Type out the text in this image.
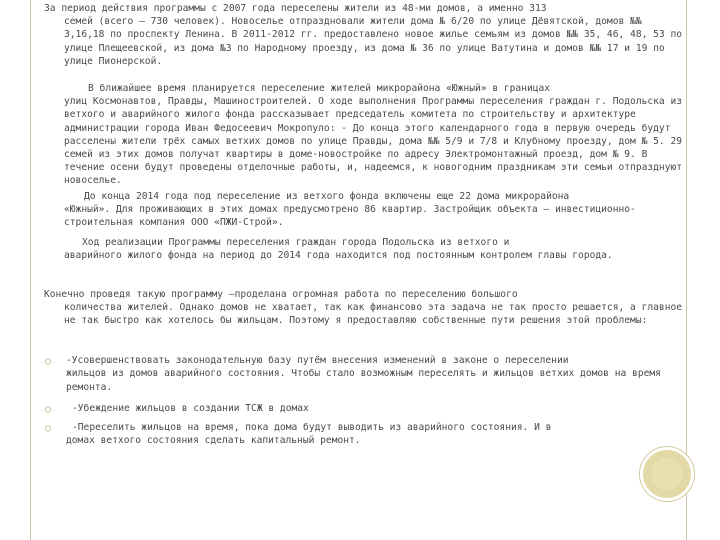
За период действия программы с 2007 года переселены жители из 48-ми домов, а именно 313
семей (всего – 730 человек). Новоселье отпраздновали жители дома № 6/20 по улице Дёвятской, домов №№ 3,16,18 по проспекту Ленина. В 2011-2012 гг. предоставлено новое жилье семьям из домов №№ 35, 46, 48, 53 по улице Плещеевской, из дома №3 по Народному проезду, из дома № 36 по улице Ватутина и домов №№ 17 и 19 по улице Пионерской.

В ближайшее время планируется переселение жителей микрорайона «Южный» в границах
улиц Космонавтов, Правды, Машиностроителей. О ходе выполнения Программы переселения граждан г. Подольска из ветхого и аварийного жилого фонда рассказывает председатель комитета по строительству и архитектуре администрации города Иван Федосеевич Мокропуло: - До конца этого календарного года в первую очередь будут расселены жители трёх самых ветхих домов по улице Правды, дома №№ 5/9 и 7/8 и Клубному проезду, дом № 5. 29 семей из этих домов получат квартиры в доме-новостройке по адресу Электромонтажный проезд, дом № 9. В течение осени будут проведены отделочные работы, и, надеемся, к новогодним праздникам эти семьи отпразднуют новоселье.

До конца 2014 года под переселение из ветхого фонда включены еще 22 дома микрорайона
«Южный». Для проживающих в этих домах предусмотрено 86 квартир. Застройщик объекта – инвестиционно-строительная компания ООО «ПЖИ-Строй».

Ход реализации Программы переселения граждан города Подольска из ветхого и
аварийного жилого фонда на период до 2014 года находится под постоянным контролем главы города.

Конечно проведя такую программу –проделана огромная работа по переселению большого
количества жителей. Однако домов не хватает, так как финансово эта задача не так просто решается, а главное не так быстро как хотелось бы жильцам. Поэтому я предоставляю собственные пути решения этой проблемы:

○ -Усовершенствовать законодательную базу путём внесения изменений в законе о переселении
жильцов из домов аварийного состояния. Чтобы стало возможным переселять и жильцов ветхих домов на время ремонта.

○	-Убеждение жильцов в создании ТСЖ в домах

○	-Переселить жильцов на время, пока дома будут выводить из аварийного состояния. И в
домах ветхого состояния сделать капитальный ремонт.
